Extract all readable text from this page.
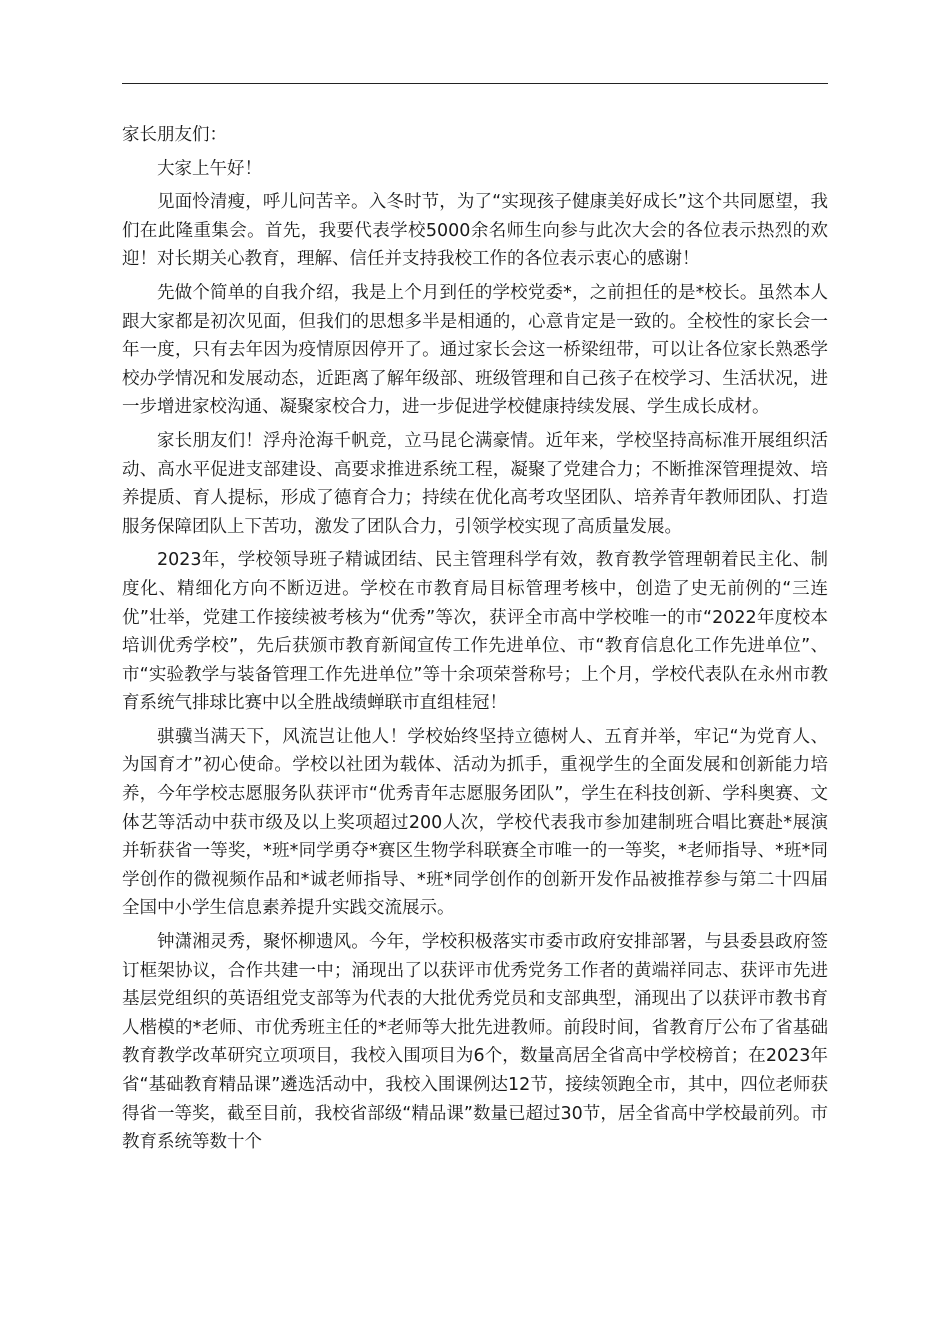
家长朋友们：

大家上午好！

见面怜清瘦，呼儿问苦辛。入冬时节，为了“实现孩子健康美好成长”这个共同愿望，我们在此隆重集会。首先，我要代表学校5000余名师生向参与此次大会的各位表示热烈的欢迎！对长期关心教育，理解、信任并支持我校工作的各位表示衷心的感谢！

先做个简单的自我介绍，我是上个月到任的学校党委*，之前担任的是*校长。虽然本人跟大家都是初次见面，但我们的思想多半是相通的，心意肯定是一致的。全校性的家长会一年一度，只有去年因为疫情原因停开了。通过家长会这一桥梁纽带，可以让各位家长熟悉学校办学情况和发展动态，近距离了解年级部、班级管理和自己孩子在校学习、生活状况，进一步增进家校沟通、凝聚家校合力，进一步促进学校健康持续发展、学生成长成材。

家长朋友们！浮舟沧海千帆竞，立马昆仑满豪情。近年来，学校坚持高标准开展组织活动、高水平促进支部建设、高要求推进系统工程，凝聚了党建合力；不断推深管理提效、培养提质、育人提标，形成了德育合力；持续在优化高考攻坚团队、培养青年教师团队、打造服务保障团队上下苦功，激发了团队合力，引领学校实现了高质量发展。

2023年，学校领导班子精诚团结、民主管理科学有效，教育教学管理朝着民主化、制度化、精细化方向不断迈进。学校在市教育局目标管理考核中，创造了史无前例的“三连优”壮举，党建工作接续被考核为“优秀”等次，获评全市高中学校唯一的市“2022年度校本培训优秀学校”，先后获颁市教育新闻宣传工作先进单位、市“教育信息化工作先进单位”、市“实验教学与装备管理工作先进单位”等十余项荣誉称号；上个月，学校代表队在永州市教育系统气排球比赛中以全胜战绩蝉联市直组桂冠！

骐骥当满天下，风流岂让他人！学校始终坚持立德树人、五育并举，牢记“为党育人、为国育才”初心使命。学校以社团为载体、活动为抓手，重视学生的全面发展和创新能力培养，今年学校志愿服务队获评市“优秀青年志愿服务团队”，学生在科技创新、学科奥赛、文体艺等活动中获市级及以上奖项超过200人次，学校代表我市参加建制班合唱比赛赴*展演并斩获省一等奖，*班*同学勇夺*赛区生物学科联赛全市唯一的一等奖，*老师指导、*班*同学创作的微视频作品和*诚老师指导、*班*同学创作的创新开发作品被推荐参与第二十四届全国中小学生信息素养提升实践交流展示。

钟潇湘灵秀，聚怀柳遗风。今年，学校积极落实市委市政府安排部署，与县委县政府签订框架协议，合作共建一中；涌现出了以获评市优秀党务工作者的黄端祥同志、获评市先进基层党组织的英语组党支部等为代表的大批优秀党员和支部典型，涌现出了以获评市教书育人楷模的*老师、市优秀班主任的*老师等大批先进教师。前段时间，省教育厅公布了省基础教育教学改革研究立项项目，我校入围项目为6个，数量高居全省高中学校榜首；在2023年省“基础教育精品课”遴选活动中，我校入围课例达12节，接续领跑全市，其中，四位老师获得省一等奖，截至目前，我校省部级“精品课”数量已超过30节，居全省高中学校最前列。市教育系统等数十个
